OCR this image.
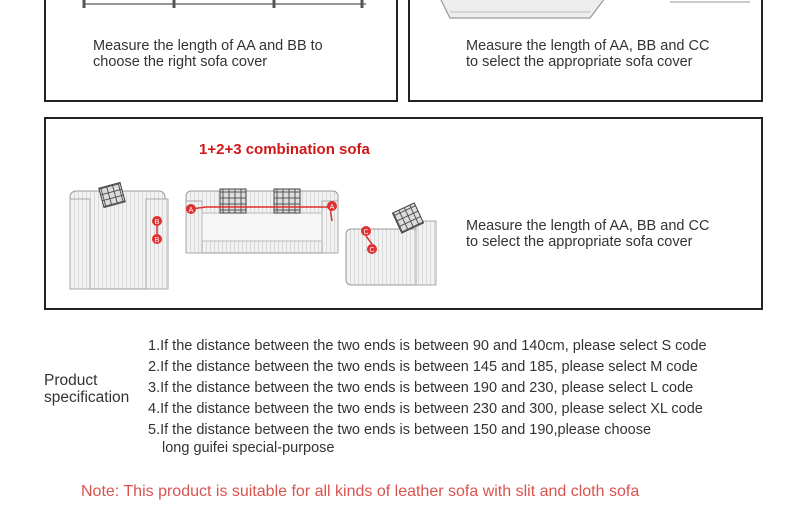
Measure the length of AA and BB to
choose the right sofa cover
Measure the length of AA, BB and CC
to select the appropriate sofa cover
1+2+3 combination sofa
A	A
B
B
C
C
Measure the length of AA, BB and CC
to select the appropriate sofa cover
Product
specification
1.If the distance between the two ends is between 90 and 140cm, please select S code
2.If the distance between the two ends is between 145 and 185, please select M code
3.If the distance between the two ends is between 190 and 230, please select L code
4.If the distance between the two ends is between 230 and 300, please select XL code
5.If the distance between the two ends is between 150 and 190,please choose
long guifei special-purpose
Note: This product is suitable for all kinds of leather sofa with slit and cloth sofa
